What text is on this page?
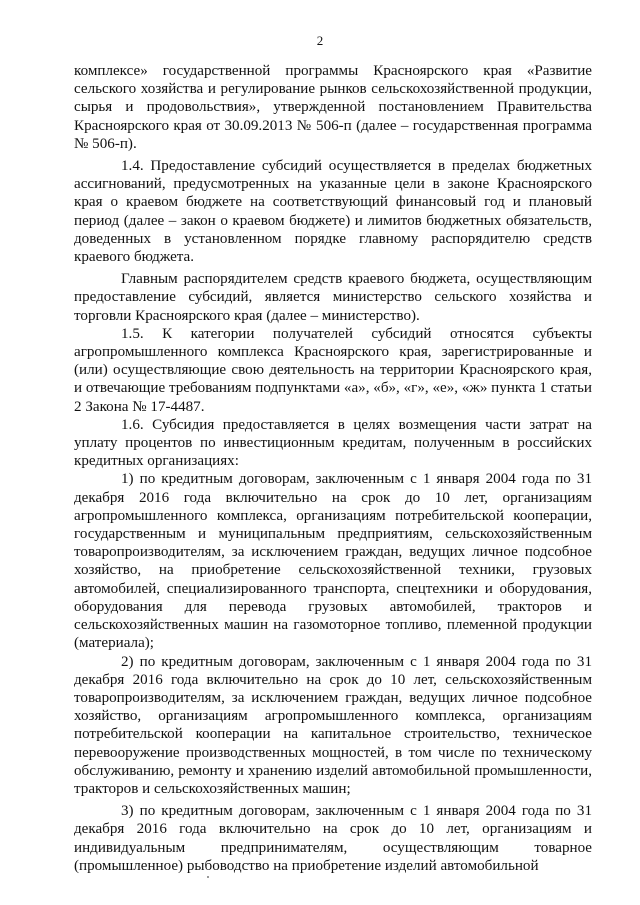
2

комплексе» государственной программы Красноярского края «Развитие сельского хозяйства и регулирование рынков сельскохозяйственной продукции, сырья и продовольствия», утвержденной постановлением Правительства Красноярского края от 30.09.2013 № 506-п (далее – государственная программа № 506-п).

1.4. Предоставление субсидий осуществляется в пределах бюджетных ассигнований, предусмотренных на указанные цели в законе Красноярского края о краевом бюджете на соответствующий финансовый год и плановый период (далее – закон о краевом бюджете) и лимитов бюджетных обязательств, доведенных в установленном порядке главному распорядителю средств краевого бюджета.

Главным распорядителем средств краевого бюджета, осуществляющим предоставление субсидий, является министерство сельского хозяйства и торговли Красноярского края (далее – министерство).

1.5. К категории получателей субсидий относятся субъекты агропромышленного комплекса Красноярского края, зарегистрированные и (или) осуществляющие свою деятельность на территории Красноярского края, и отвечающие требованиям подпунктами «а», «б», «г», «е», «ж» пункта 1 статьи 2 Закона № 17-4487.

1.6. Субсидия предоставляется в целях возмещения части затрат на уплату процентов по инвестиционным кредитам, полученным в российских кредитных организациях:

1) по кредитным договорам, заключенным с 1 января 2004 года по 31 декабря 2016 года включительно на срок до 10 лет, организациям агропромышленного комплекса, организациям потребительской кооперации, государственным и муниципальным предприятиям, сельскохозяйственным товаропроизводителям, за исключением граждан, ведущих личное подсобное хозяйство, на приобретение сельскохозяйственной техники, грузовых автомобилей, специализированного транспорта, спецтехники и оборудования, оборудования для перевода грузовых автомобилей, тракторов и сельскохозяйственных машин на газомоторное топливо, племенной продукции (материала);

2) по кредитным договорам, заключенным с 1 января 2004 года по 31 декабря 2016 года включительно на срок до 10 лет, сельскохозяйственным товаропроизводителям, за исключением граждан, ведущих личное подсобное хозяйство, организациям агропромышленного комплекса, организациям потребительской кооперации на капитальное строительство, техническое перевооружение производственных мощностей, в том числе по техническому обслуживанию, ремонту и хранению изделий автомобильной промышленности, тракторов и сельскохозяйственных машин;

3) по кредитным договорам, заключенным с 1 января 2004 года по 31 декабря 2016 года включительно на срок до 10 лет, организациям и индивидуальным предпринимателям, осуществляющим товарное (промышленное) рыбоводство на приобретение изделий автомобильной
